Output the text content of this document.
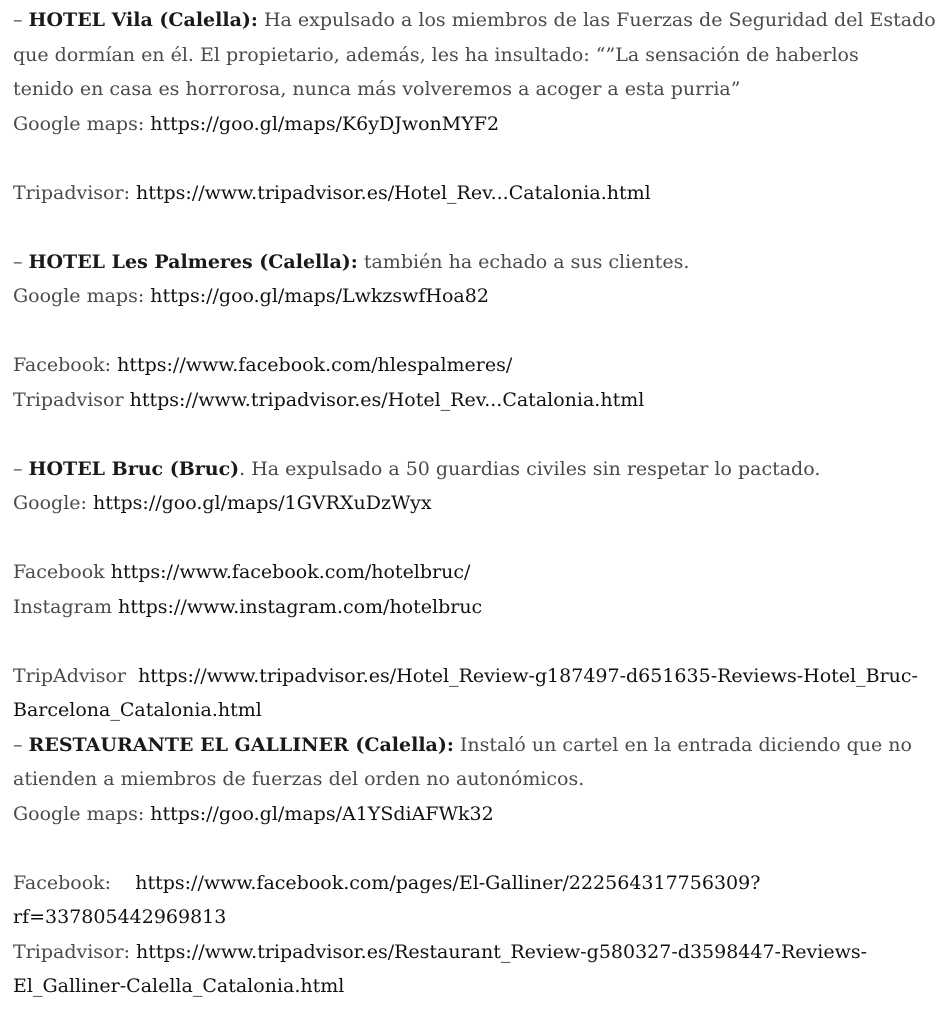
– HOTEL Vila (Calella): Ha expulsado a los miembros de las Fuerzas de Seguridad del Estado
que dormían en él. El propietario, además, les ha insultado: “”La sensación de haberlos
tenido en casa es horrorosa, nunca más volveremos a acoger a esta purria”
Google maps: https://goo.gl/maps/K6yDJwonMYF2
Tripadvisor: https://www.tripadvisor.es/Hotel_Rev...Catalonia.html
– HOTEL Les Palmeres (Calella): también ha echado a sus clientes.
Google maps: https://goo.gl/maps/LwkzswfHoa82
Facebook: https://www.facebook.com/hlespalmeres/
Tripadvisor https://www.tripadvisor.es/Hotel_Rev...Catalonia.html
– HOTEL Bruc (Bruc). Ha expulsado a 50 guardias civiles sin respetar lo pactado.
Google: https://goo.gl/maps/1GVRXuDzWyx
Facebook https://www.facebook.com/hotelbruc/
Instagram https://www.instagram.com/hotelbruc
TripAdvisor https://www.tripadvisor.es/Hotel_Review-g187497-d651635-Reviews-Hotel_Bruc-
Barcelona_Catalonia.html
– RESTAURANTE EL GALLINER (Calella): Instaló un cartel en la entrada diciendo que no
atienden a miembros de fuerzas del orden no autonómicos.
Google maps: https://goo.gl/maps/A1YSdiAFWk32
Facebook: https://www.facebook.com/pages/El-Galliner/222564317756309?
rf=337805442969813
Tripadvisor: https://www.tripadvisor.es/Restaurant_Review-g580327-d3598447-Reviews-
El_Galliner-Calella_Catalonia.html
